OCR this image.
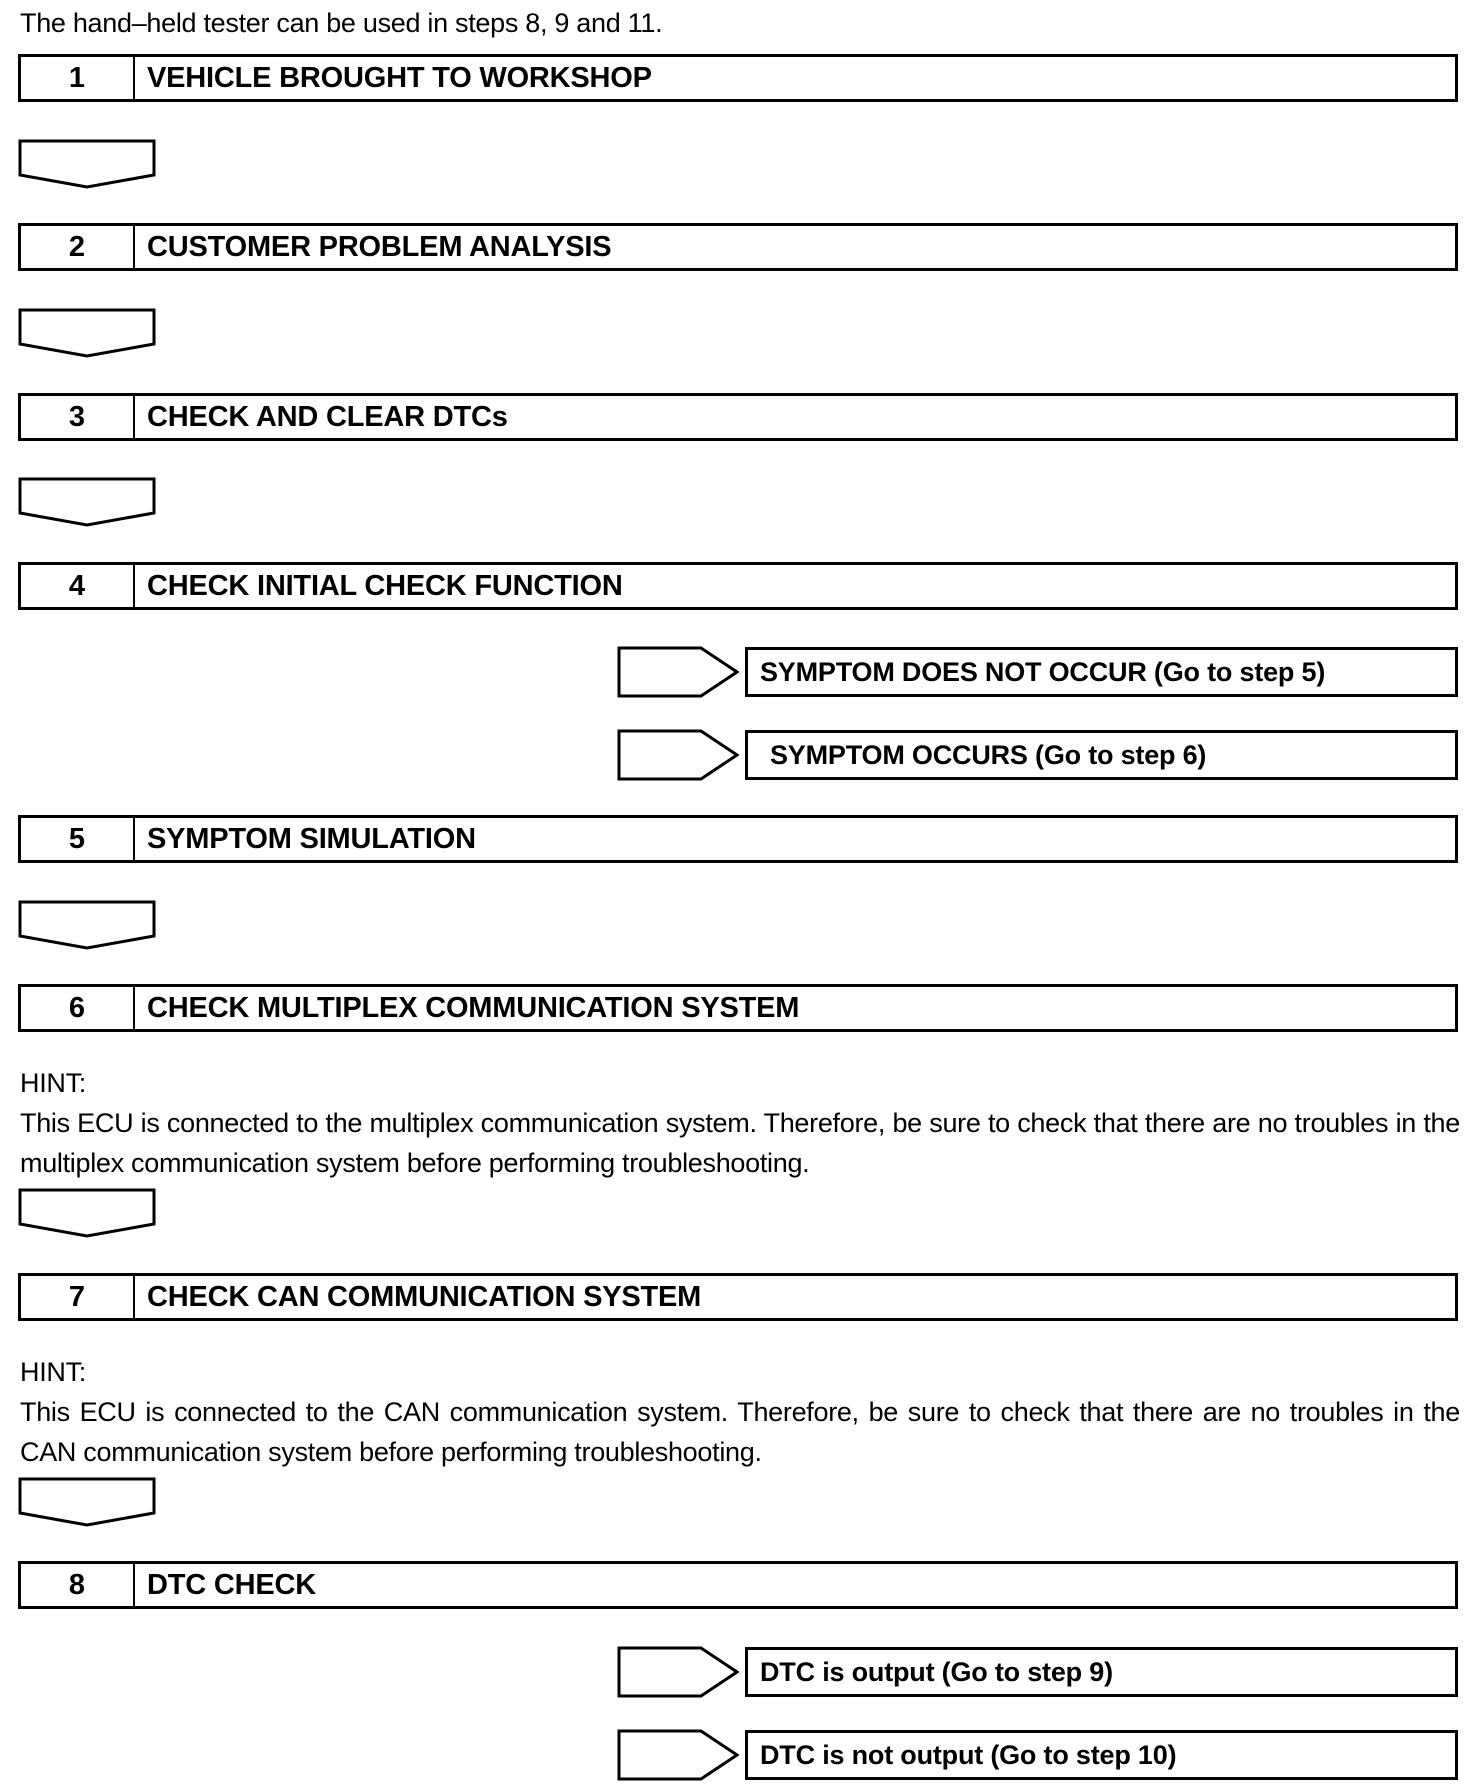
The hand–held tester can be used in steps 8, 9 and 11.
1	VEHICLE BROUGHT TO WORKSHOP
2	CUSTOMER PROBLEM ANALYSIS
3	CHECK AND CLEAR DTCs
4	CHECK INITIAL CHECK FUNCTION
SYMPTOM DOES NOT OCCUR (Go to step 5)
SYMPTOM OCCURS (Go to step 6)
5	SYMPTOM SIMULATION
6	CHECK MULTIPLEX COMMUNICATION SYSTEM

HINT:

This ECU is connected to the multiplex communication system. Therefore, be sure to check that there are no troubles in the multiplex communication system before performing troubleshooting.

7	CHECK CAN COMMUNICATION SYSTEM

HINT:

This ECU is connected to the CAN communication system. Therefore, be sure to check that there are no troubles in the CAN communication system before performing troubleshooting.

8	DTC CHECK
DTC is output (Go to step 9)
DTC is not output (Go to step 10)
